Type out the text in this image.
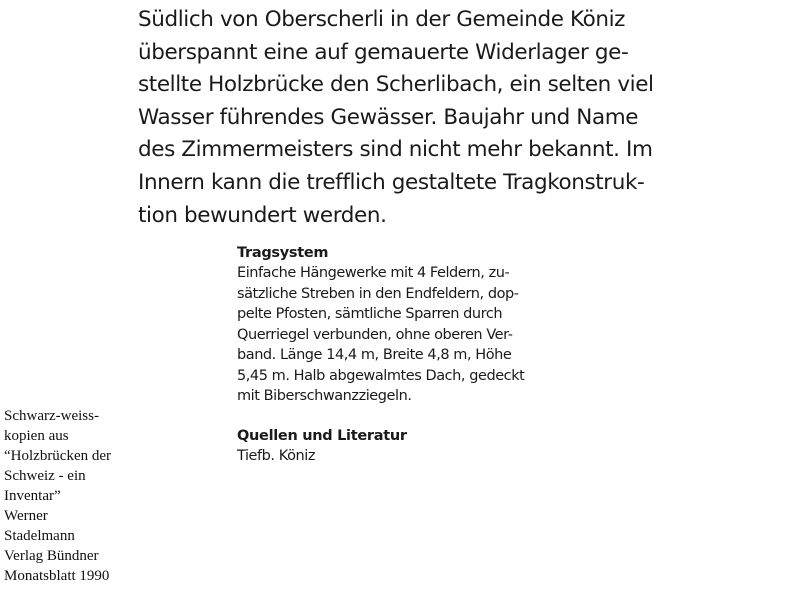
Südlich von Oberscherli in der Gemeinde Köniz
überspannt eine auf gemauerte Widerlager ge-
stellte Holzbrücke den Scherlibach, ein selten viel
Wasser führendes Gewässer. Baujahr und Name
des Zimmermeisters sind nicht mehr bekannt. Im
Innern kann die trefflich gestaltete Tragkonstruk-
tion bewundert werden.
Tragsystem
Einfache Hängewerke mit 4 Feldern, zu-
sätzliche Streben in den Endfeldern, dop-
pelte Pfosten, sämtliche Sparren durch
Querriegel verbunden, ohne oberen Ver-
band. Länge 14,4 m, Breite 4,8 m, Höhe
5,45 m. Halb abgewalmtes Dach, gedeckt
mit Biberschwanzziegeln.
Quellen und Literatur
Tiefb. Köniz
Schwarz-weiss-
kopien aus
“Holzbrücken der
Schweiz - ein
Inventar”
Werner
Stadelmann
Verlag Bündner
Monatsblatt 1990
